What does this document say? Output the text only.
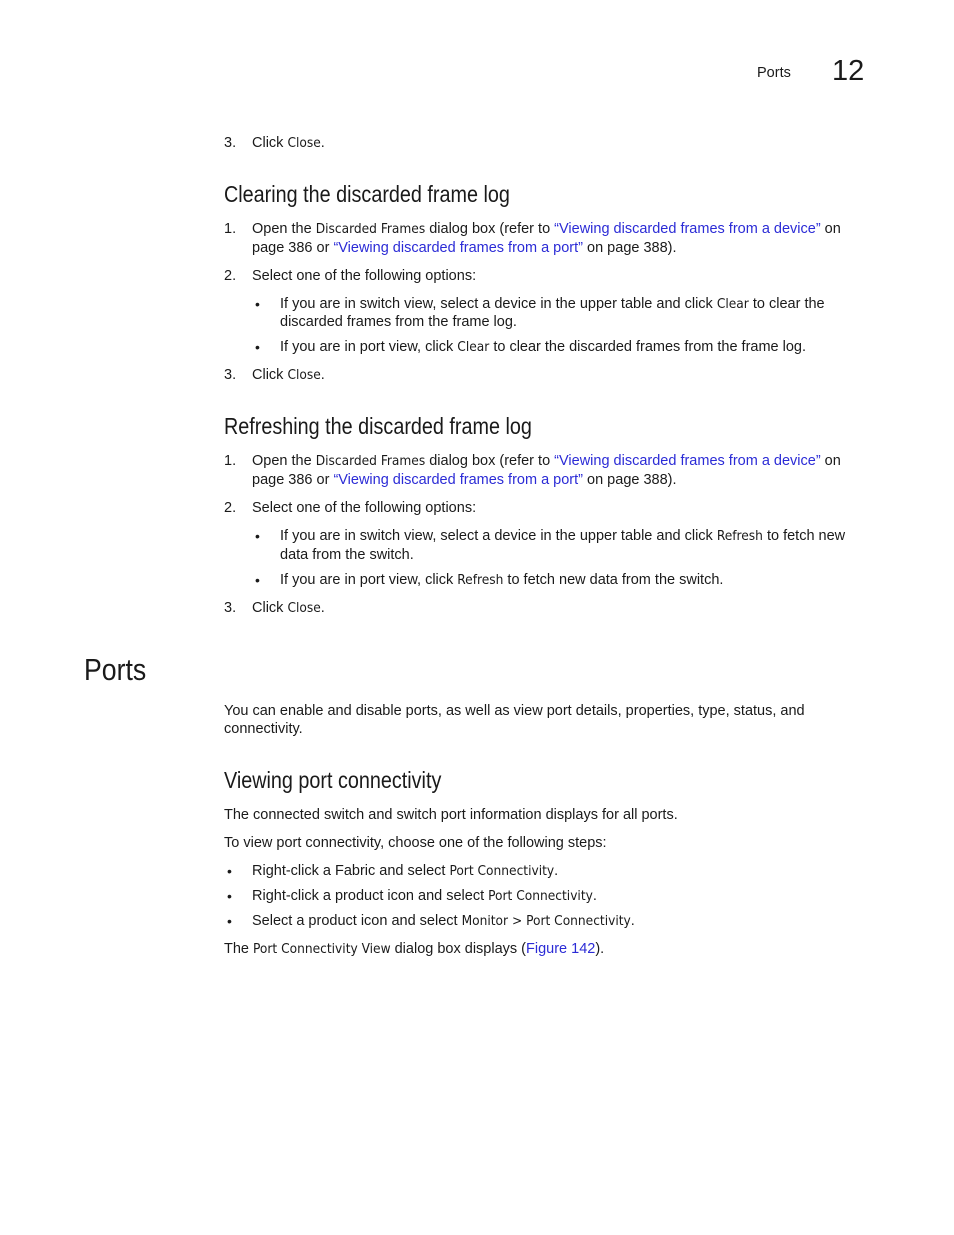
Ports 12
3.	Click Close.
Clearing the discarded frame log
1.	Open the Discarded Frames dialog box (refer to “Viewing discarded frames from a device” on
page 386 or “Viewing discarded frames from a port” on page 388).
2.	Select one of the following options:
• If you are in switch view, select a device in the upper table and click Clear to clear the
discarded frames from the frame log.
• If you are in port view, click Clear to clear the discarded frames from the frame log.
3.	Click Close.
Refreshing the discarded frame log
1.	Open the Discarded Frames dialog box (refer to “Viewing discarded frames from a device” on
page 386 or “Viewing discarded frames from a port” on page 388).
2.	Select one of the following options:
• If you are in switch view, select a device in the upper table and click Refresh to fetch new
data from the switch.
• If you are in port view, click Refresh to fetch new data from the switch.
3.	Click Close.
Ports
You can enable and disable ports, as well as view port details, properties, type, status, and
connectivity.
Viewing port connectivity
The connected switch and switch port information displays for all ports.
To view port connectivity, choose one of the following steps:
• Right-click a Fabric and select Port Connectivity.
• Right-click a product icon and select Port Connectivity.
• Select a product icon and select Monitor > Port Connectivity.
The Port Connectivity View dialog box displays (Figure 142).
